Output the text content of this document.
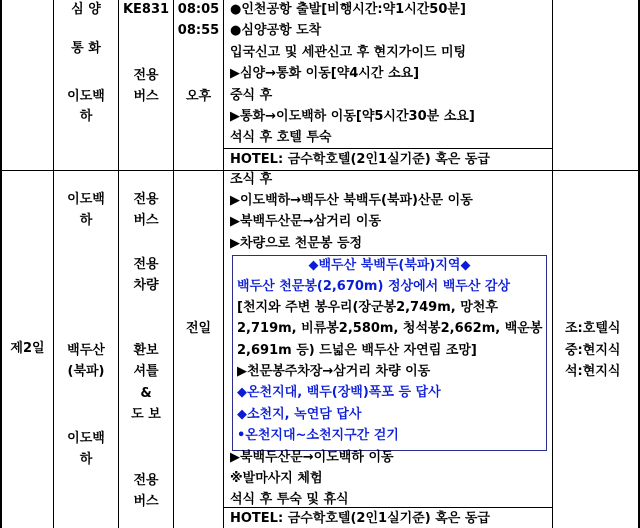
심 양
통 화
이도백
하
KE831
전용
버스
08:05
08:55
오후
●인천공항 출발[비행시간:약1시간50분]
●심양공항 도착
입국신고 및 세관신고 후 현지가이드 미팅
▶심양→통화 이동[약4시간 소요]
중식 후
▶통화→이도백하 이동[약5시간30분 소요]
석식 후 호텔 투숙
HOTEL: 금수학호텔(2인1실기준) 혹은 동급
제2일
이도백
하
백두산
(북파)
이도백
하
전용
버스
전용
차량
환보
셔틀
&
도 보
전용
버스
전일
조식 후
▶이도백하→백두산 북백두(북파)산문 이동
▶북백두산문→삼거리 이동
▶차량으로 천문봉 등정
◆백두산 북백두(북파)지역◆
백두산 천문봉(2,670m) 정상에서 백두산 감상
[천지와 주변 봉우리(장군봉2,749m, 망천후
2,719m, 비류봉2,580m, 청석봉2,662m, 백운봉
2,691m 등) 드넓은 백두산 자연림 조망]
▶천문봉주차장→삼거리 차량 이동
◆온천지대, 백두(장백)폭포 등 답사
◆소천지, 녹연담 답사
•온천지대~소천지구간 걷기
▶북백두산문→이도백하 이동
※발마사지 체험
석식 후 투숙 및 휴식
HOTEL: 금수학호텔(2인1실기준) 혹은 동급
조:호텔식
중:현지식
석:현지식
